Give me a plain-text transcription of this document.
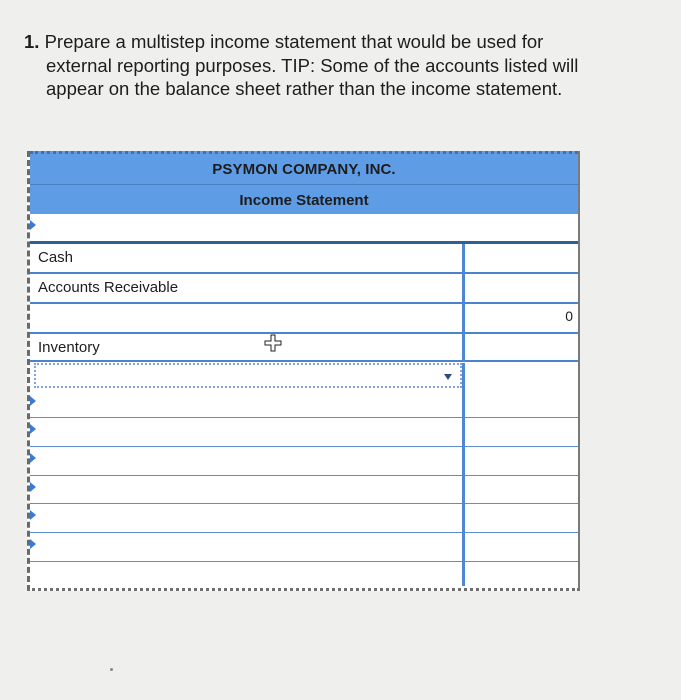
1. Prepare a multistep income statement that would be used for
external reporting purposes. TIP: Some of the accounts listed will
appear on the balance sheet rather than the income statement.
PSYMON COMPANY, INC.
Income Statement
Cash
Accounts Receivable
0
Inventory
